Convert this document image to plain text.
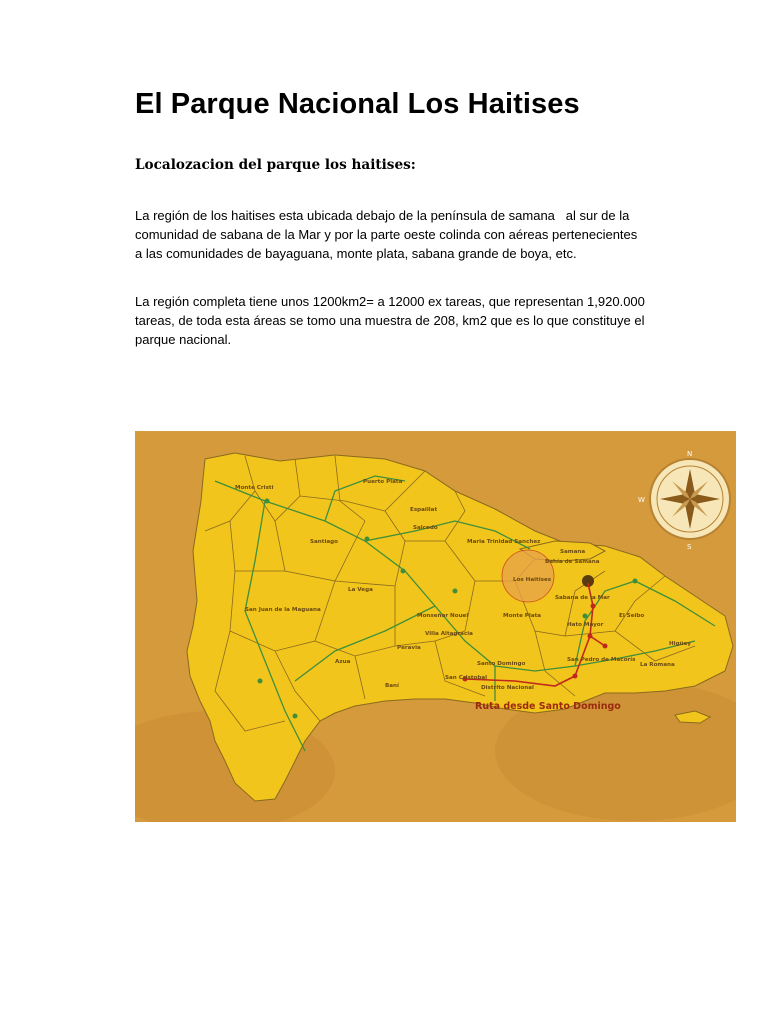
El Parque Nacional Los Haitises
Localozacion del parque los haitises:

La región de los haitises esta ubicada debajo de la península de samana   al sur de la comunidad de sabana de la Mar y por la parte oeste colinda con aéreas pertenecientes a las comunidades de bayaguana, monte plata, sabana grande de boya, etc.

La región completa tiene unos 1200km2= a 12000 ex tareas, que representan 1,920.000 tareas, de toda esta áreas se tomo una muestra de 208, km2 que es lo que constituye el parque nacional.

Monte Cristi
Puerto Plata
Espaillat
Salcedo
Maria Trinidad Sanchez
Santiago
La Vega
San Juan de la Maguana
Samana
Bahía de Samana
Los Haitises
Sabana de la Mar
Monseñor Nouel	Monte Plata
Hato Mayor
El Seibo
Higüey
La Romana
San Pedro de Macorís
Santo Domingo
Distrito Nacional
Peravia
Azua
Baní
San Cristobal
Villa Altagracia
Ruta desde Santo Domingo
N
W
S
